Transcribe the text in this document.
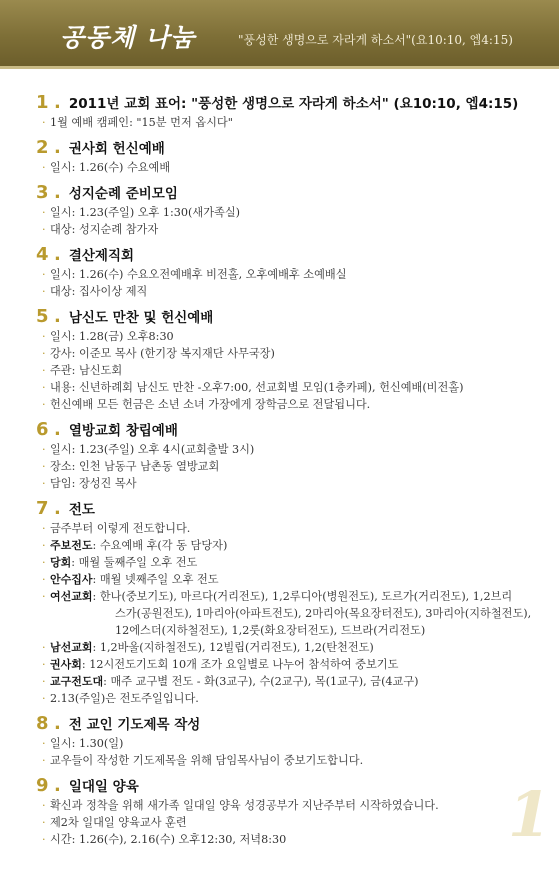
공동체 나눔	"풍성한 생명으로 자라게 하소서"(요10:10, 엡4:15)
1 . 2011년 교회 표어: "풍성한 생명으로 자라게 하소서" (요10:10, 엡4:15)
· 1월 예배 캠페인: "15분 먼저 옵시다"
2 . 권사회 헌신예배
· 일시: 1.26(수) 수요예배
3 . 성지순례 준비모임
· 일시: 1.23(주일) 오후 1:30(새가족실)
· 대상: 성지순례 참가자
4 . 결산제직회
· 일시: 1.26(수) 수요오전예배후 비전홀, 오후예배후 소예배실
· 대상: 집사이상 제직
5 . 남신도 만찬 및 헌신예배
· 일시: 1.28(금) 오후8:30
· 강사: 이준모 목사 (한기장 복지재단 사무국장)
· 주관: 남신도회
· 내용: 신년하례회 남신도 만찬 -오후7:00, 선교회별 모임(1층카페), 헌신예배(비전홀)
· 헌신예배 모든 헌금은 소년 소녀 가장에게 장학금으로 전달됩니다.
6 . 열방교회 창립예배
· 일시: 1.23(주일) 오후 4시(교회출발 3시)
· 장소: 인천 남동구 남촌동 열방교회
· 담임: 장성진 목사
7 . 전도
· 금주부터 이렇게 전도합니다.
· 주보전도: 수요예배 후(각 동 담당자)
· 당회: 매월 둘째주일 오후 전도
· 안수집사: 매월 넷째주일 오후 전도
· 여선교회: 한나(중보기도), 마르다(거리전도), 1,2루디아(병원전도), 도르가(거리전도), 1,2브리
스가(공원전도), 1마리아(아파트전도), 2마리아(목요장터전도), 3마리아(지하철전도),
12에스더(지하철전도), 1,2룻(화요장터전도), 드브라(거리전도)
· 남선교회: 1,2바울(지하철전도), 12빌립(거리전도), 1,2(탄천전도)
· 권사회: 12시전도기도회 10개 조가 요일별로 나누어 참석하여 중보기도
· 교구전도대: 매주 교구별 전도 - 화(3교구), 수(2교구), 목(1교구), 금(4교구)
· 2.13(주일)은 전도주일입니다.
8 . 전 교인 기도제목 작성
· 일시: 1.30(일)
· 교우들이 작성한 기도제목을 위해 담임목사님이 중보기도합니다.
9 . 일대일 양육
· 확신과 정착을 위해 새가족 일대일 양육 성경공부가 지난주부터 시작하였습니다.
· 제2차 일대일 양육교사 훈련
· 시간: 1.26(수), 2.16(수) 오후12:30, 저녁8:30	1
